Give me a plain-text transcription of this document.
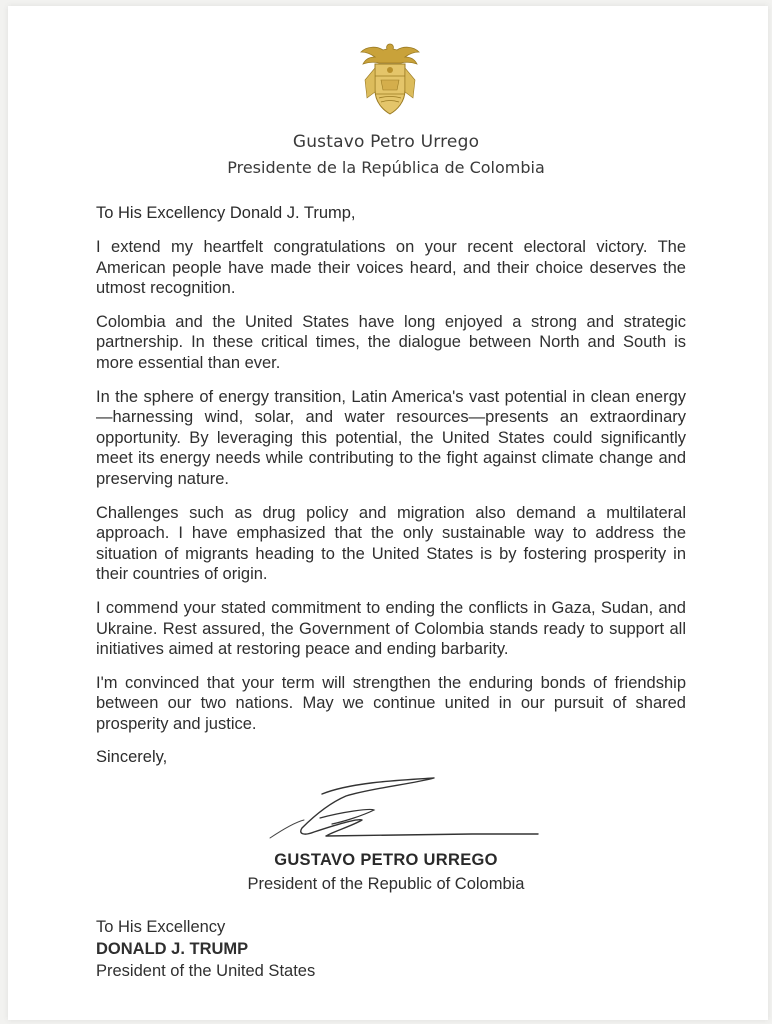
Gustavo Petro Urrego
Presidente de la República de Colombia
To His Excellency Donald J. Trump,

I extend my heartfelt congratulations on your recent electoral victory. The American people have made their voices heard, and their choice deserves the utmost recognition.

Colombia and the United States have long enjoyed a strong and strategic partnership. In these critical times, the dialogue between North and South is more essential than ever.

In the sphere of energy transition, Latin America's vast potential in clean energy—harnessing wind, solar, and water resources—presents an extraordinary opportunity. By leveraging this potential, the United States could significantly meet its energy needs while contributing to the fight against climate change and preserving nature.

Challenges such as drug policy and migration also demand a multilateral approach. I have emphasized that the only sustainable way to address the situation of migrants heading to the United States is by fostering prosperity in their countries of origin.

I commend your stated commitment to ending the conflicts in Gaza, Sudan, and Ukraine. Rest assured, the Government of Colombia stands ready to support all initiatives aimed at restoring peace and ending barbarity.

I'm convinced that your term will strengthen the enduring bonds of friendship between our two nations. May we continue united in our pursuit of shared prosperity and justice.

Sincerely,
GUSTAVO PETRO URREGO
President of the Republic of Colombia
To His Excellency
DONALD J. TRUMP
President of the United States
